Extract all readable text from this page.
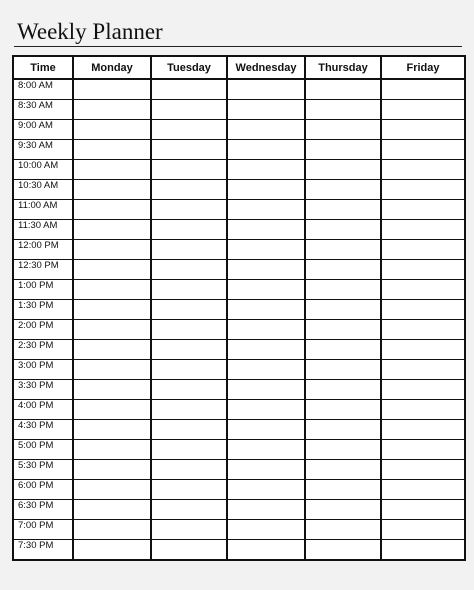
Weekly Planner
Time	Monday	Tuesday	Wednesday	Thursday	Friday
8:00 AM					
8:30 AM					
9:00 AM					
9:30 AM					
10:00 AM					
10:30 AM					
11:00 AM					
11:30 AM					
12:00 PM					
12:30 PM					
1:00 PM					
1:30 PM					
2:00 PM					
2:30 PM					
3:00 PM					
3:30 PM					
4:00 PM					
4:30 PM					
5:00 PM					
5:30 PM					
6:00 PM					
6:30 PM					
7:00 PM					
7:30 PM					
